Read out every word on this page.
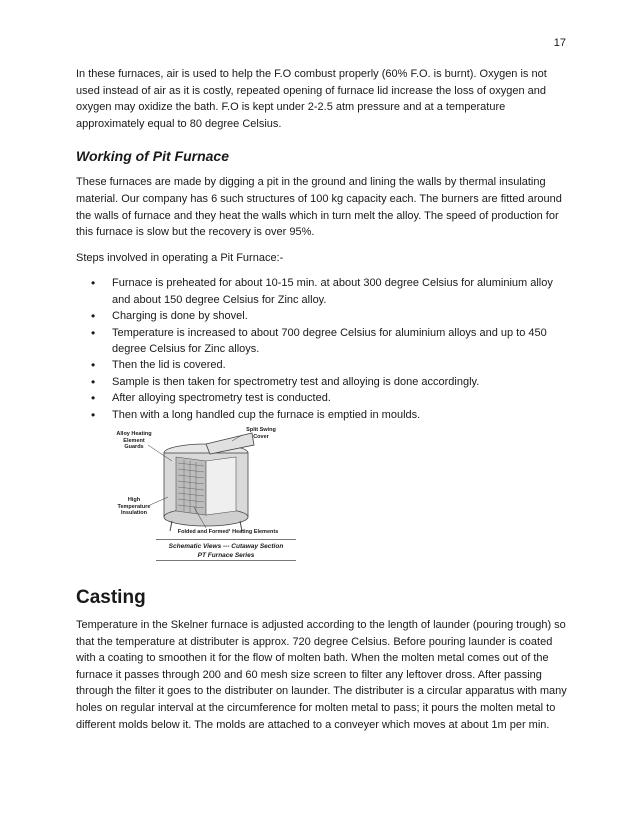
17

In these furnaces, air is used to help the F.O combust properly (60% F.O. is burnt). Oxygen is not used instead of air as it is costly, repeated opening of furnace lid increase the loss of oxygen and oxygen may oxidize the bath. F.O is kept under 2-2.5 atm pressure and at a temperature approximately equal to 80 degree Celsius.

Working of Pit Furnace

These furnaces are made by digging a pit in the ground and lining the walls by thermal insulating material. Our company has 6 such structures of 100 kg capacity each. The burners are fitted around the walls of furnace and they heat the walls which in turn melt the alloy. The speed of production for this furnace is slow but the recovery is over 95%.

Steps involved in operating a Pit Furnace:-

• Furnace is preheated for about 10-15 min. at about 300 degree Celsius for aluminium alloy and about 150 degree Celsius for Zinc alloy.
• Charging is done by shovel.
• Temperature is increased to about 700 degree Celsius for aluminium alloys and up to 450 degree Celsius for Zinc alloys.
• Then the lid is covered.
• Sample is then taken for spectrometry test and alloying is done accordingly.
• After alloying spectrometry test is conducted.
• Then with a long handled cup the furnace is emptied in moulds.
Alloy Heating Element Guards
Split Swing Cover
High Temperature Insulation
Folded and Formed¹ Heating Elements
Schematic Views --- Cutaway Section
PT Furnace Series
Casting

Temperature in the Skelner furnace is adjusted according to the length of launder (pouring trough) so that the temperature at distributer is approx. 720 degree Celsius. Before pouring launder is coated with a coating to smoothen it for the flow of molten bath. When the molten metal comes out of the furnace it passes through 200 and 60 mesh size screen to filter any leftover dross. After passing through the filter it goes to the distributer on launder. The distributer is a circular apparatus with many holes on regular interval at the circumference for molten metal to pass; it pours the molten metal to different molds below it. The molds are attached to a conveyer which moves at about 1m per min.
